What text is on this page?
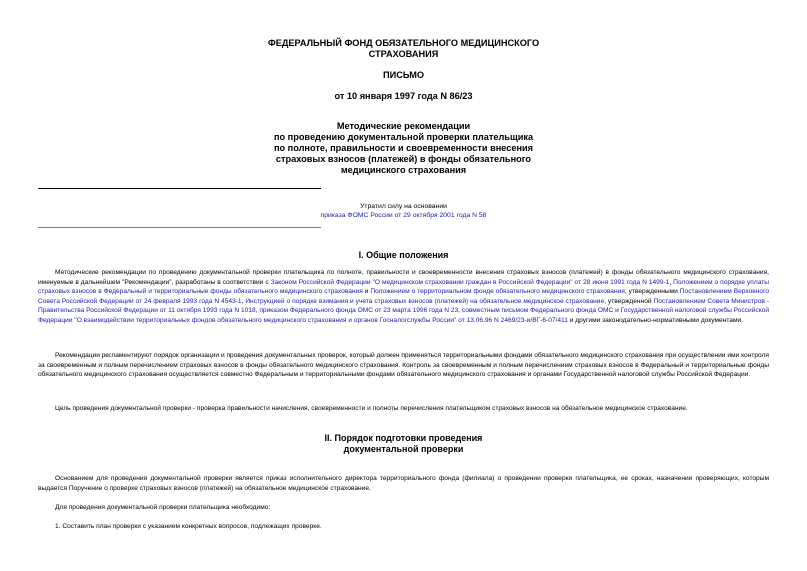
ФЕДЕРАЛЬНЫЙ ФОНД ОБЯЗАТЕЛЬНОГО МЕДИЦИНСКОГО
СТРАХОВАНИЯ
ПИСЬМО
от 10 января 1997 года N 86/23
Методические рекомендации
по проведению документальной проверки плательщика
по полноте, правильности и своевременности внесения
страховых взносов (платежей) в фонды обязательного
медицинского страхования
Утратил силу на основании
приказа ФОМС России от 29 октября 2001 года N 58
I. Общие положения
Методические рекомендации по проведению документальной проверки плательщика по полноте, правильности и своевременности внесения страховых взносов (платежей) в фонды обязательного медицинского страхования, именуемые в дальнейшем "Рекомендации", разработаны в соответствии с Законом Российской Федерации "О медицинском страховании граждан в Российской Федерации" от 28 июня 1991 года N 1499-1, Положением о порядке уплаты страховых взносов в Федеральный и территориальные фонды обязательного медицинского страхования и Положением о территориальном фонде обязательного медицинского страхования, утвержденными Постановлением Верховного Совета Российской Федерации от 24 февраля 1993 года N 4543-1, Инструкцией о порядке взимания и учета страховых взносов (платежей) на обязательное медицинское страхование, утвержденной Постановлением Совета Министров - Правительства Российской Федерации от 11 октября 1993 года N 1018, приказом Федерального фонда ОМС от 23 марта 1996 года N 23, совместным письмом Федерального фонда ОМС и Государственной налоговой службы Российской Федерации "О взаимодействии территориальных фондов обязательного медицинского страхования и органов Госналогслужбы России" от 13.06.96 N 2469/23-и/ВГ-6-07/411 и другими законодательно-нормативными документами.
Рекомендации регламентируют порядок организации и проведения документальных проверок, который должен применяться территориальными фондами обязательного медицинского страхования при осуществлении ими контроля за своевременным и полным перечислением страховых взносов в фонды обязательного медицинского страхования. Контроль за своевременным и полным перечислением страховых взносов в Федеральный и территориальные фонды обязательного медицинского страхования осуществляется совместно Федеральным и территориальными фондами обязательного медицинского страхования и органами Государственной налоговой службы Российской Федерации.
Цель проведения документальной проверки - проверка правильности начисления, своевременности и полноты перечисления плательщиком страховых взносов на обязательное медицинское страхование.
II. Порядок подготовки проведения
документальной проверки
Основанием для проведения документальной проверки является приказ исполнительного директора территориального фонда (филиала) о проведении проверки плательщика, ее сроках, назначении проверяющих, которым выдается Поручение о проверке страховых взносов (платежей) на обязательное медицинское страхование.
Для проведения документальной проверки плательщика необходимо:
1. Составить план проверки с указанием конкретных вопросов, подлежащих проверке.
